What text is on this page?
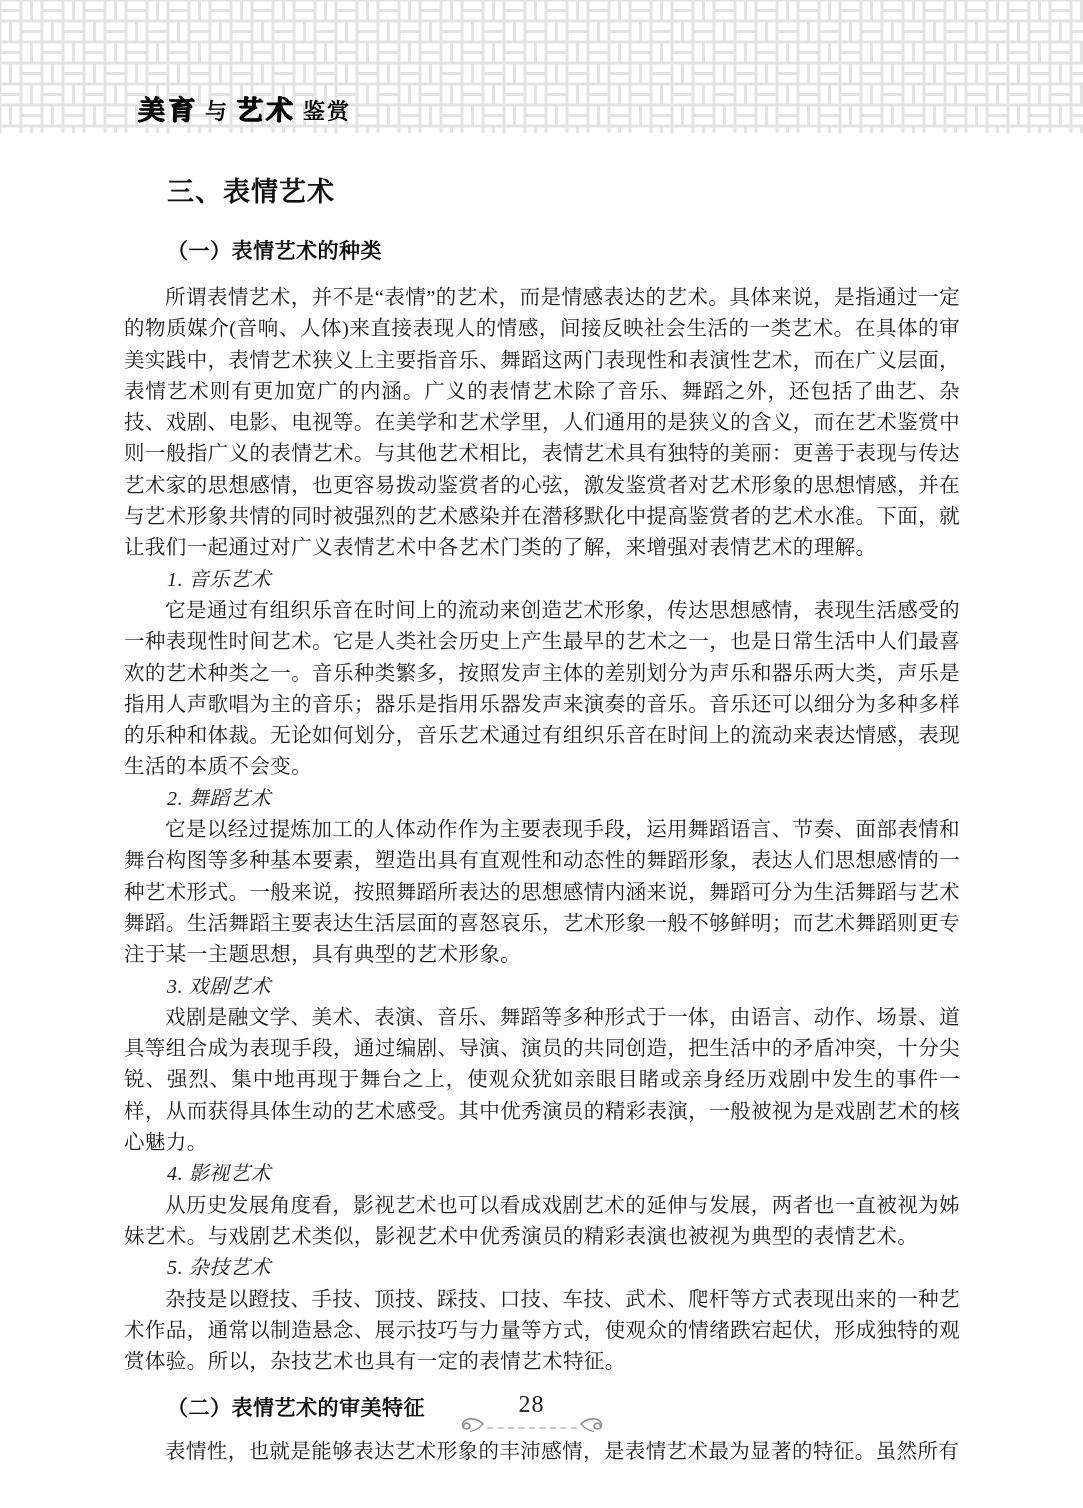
美育 与 艺术 鉴赏
三、表情艺术
（一）表情艺术的种类

所谓表情艺术，并不是“表情”的艺术，而是情感表达的艺术。具体来说，是指通过一定的物质媒介(音响、人体)来直接表现人的情感，间接反映社会生活的一类艺术。在具体的审美实践中，表情艺术狭义上主要指音乐、舞蹈这两门表现性和表演性艺术，而在广义层面，表情艺术则有更加宽广的内涵。广义的表情艺术除了音乐、舞蹈之外，还包括了曲艺、杂技、戏剧、电影、电视等。在美学和艺术学里，人们通用的是狭义的含义，而在艺术鉴赏中则一般指广义的表情艺术。与其他艺术相比，表情艺术具有独特的美丽：更善于表现与传达艺术家的思想感情，也更容易拨动鉴赏者的心弦，激发鉴赏者对艺术形象的思想情感，并在与艺术形象共情的同时被强烈的艺术感染并在潜移默化中提高鉴赏者的艺术水准。下面，就让我们一起通过对广义表情艺术中各艺术门类的了解，来增强对表情艺术的理解。

1. 音乐艺术

它是通过有组织乐音在时间上的流动来创造艺术形象，传达思想感情，表现生活感受的一种表现性时间艺术。它是人类社会历史上产生最早的艺术之一，也是日常生活中人们最喜欢的艺术种类之一。音乐种类繁多，按照发声主体的差别划分为声乐和器乐两大类，声乐是指用人声歌唱为主的音乐；器乐是指用乐器发声来演奏的音乐。音乐还可以细分为多种多样的乐种和体裁。无论如何划分，音乐艺术通过有组织乐音在时间上的流动来表达情感，表现生活的本质不会变。

2. 舞蹈艺术

它是以经过提炼加工的人体动作作为主要表现手段，运用舞蹈语言、节奏、面部表情和舞台构图等多种基本要素，塑造出具有直观性和动态性的舞蹈形象，表达人们思想感情的一种艺术形式。一般来说，按照舞蹈所表达的思想感情内涵来说，舞蹈可分为生活舞蹈与艺术舞蹈。生活舞蹈主要表达生活层面的喜怒哀乐，艺术形象一般不够鲜明；而艺术舞蹈则更专注于某一主题思想，具有典型的艺术形象。

3. 戏剧艺术

戏剧是融文学、美术、表演、音乐、舞蹈等多种形式于一体，由语言、动作、场景、道具等组合成为表现手段，通过编剧、导演、演员的共同创造，把生活中的矛盾冲突，十分尖锐、强烈、集中地再现于舞台之上，使观众犹如亲眼目睹或亲身经历戏剧中发生的事件一样，从而获得具体生动的艺术感受。其中优秀演员的精彩表演，一般被视为是戏剧艺术的核心魅力。

4. 影视艺术

从历史发展角度看，影视艺术也可以看成戏剧艺术的延伸与发展，两者也一直被视为姊妹艺术。与戏剧艺术类似，影视艺术中优秀演员的精彩表演也被视为典型的表情艺术。

5. 杂技艺术

杂技是以蹬技、手技、顶技、踩技、口技、车技、武术、爬杆等方式表现出来的一种艺术作品，通常以制造悬念、展示技巧与力量等方式，使观众的情绪跌宕起伏，形成独特的观赏体验。所以，杂技艺术也具有一定的表情艺术特征。

（二）表情艺术的审美特征

表情性，也就是能够表达艺术形象的丰沛感情，是表情艺术最为显著的特征。虽然所有

28
